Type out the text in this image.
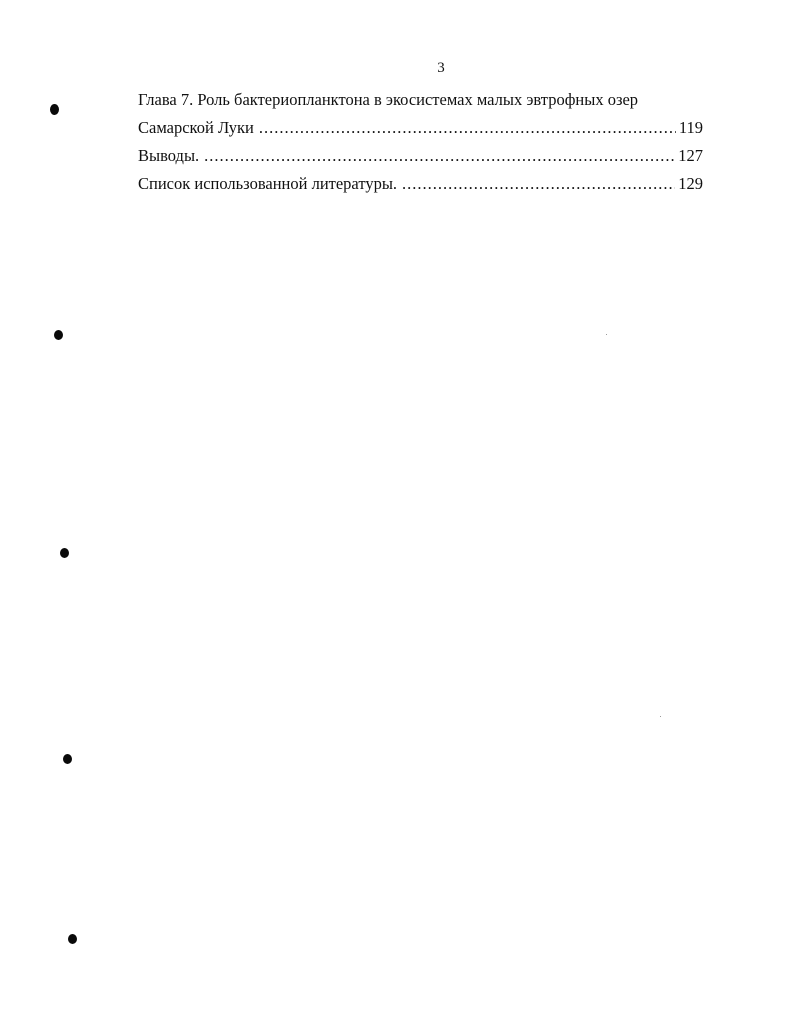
3
Глава 7. Роль бактериопланктона в экосистемах малых эвтрофных озер
Самарской Луки .....	119
Выводы. .....	127
Список использованной литературы. .....	129
